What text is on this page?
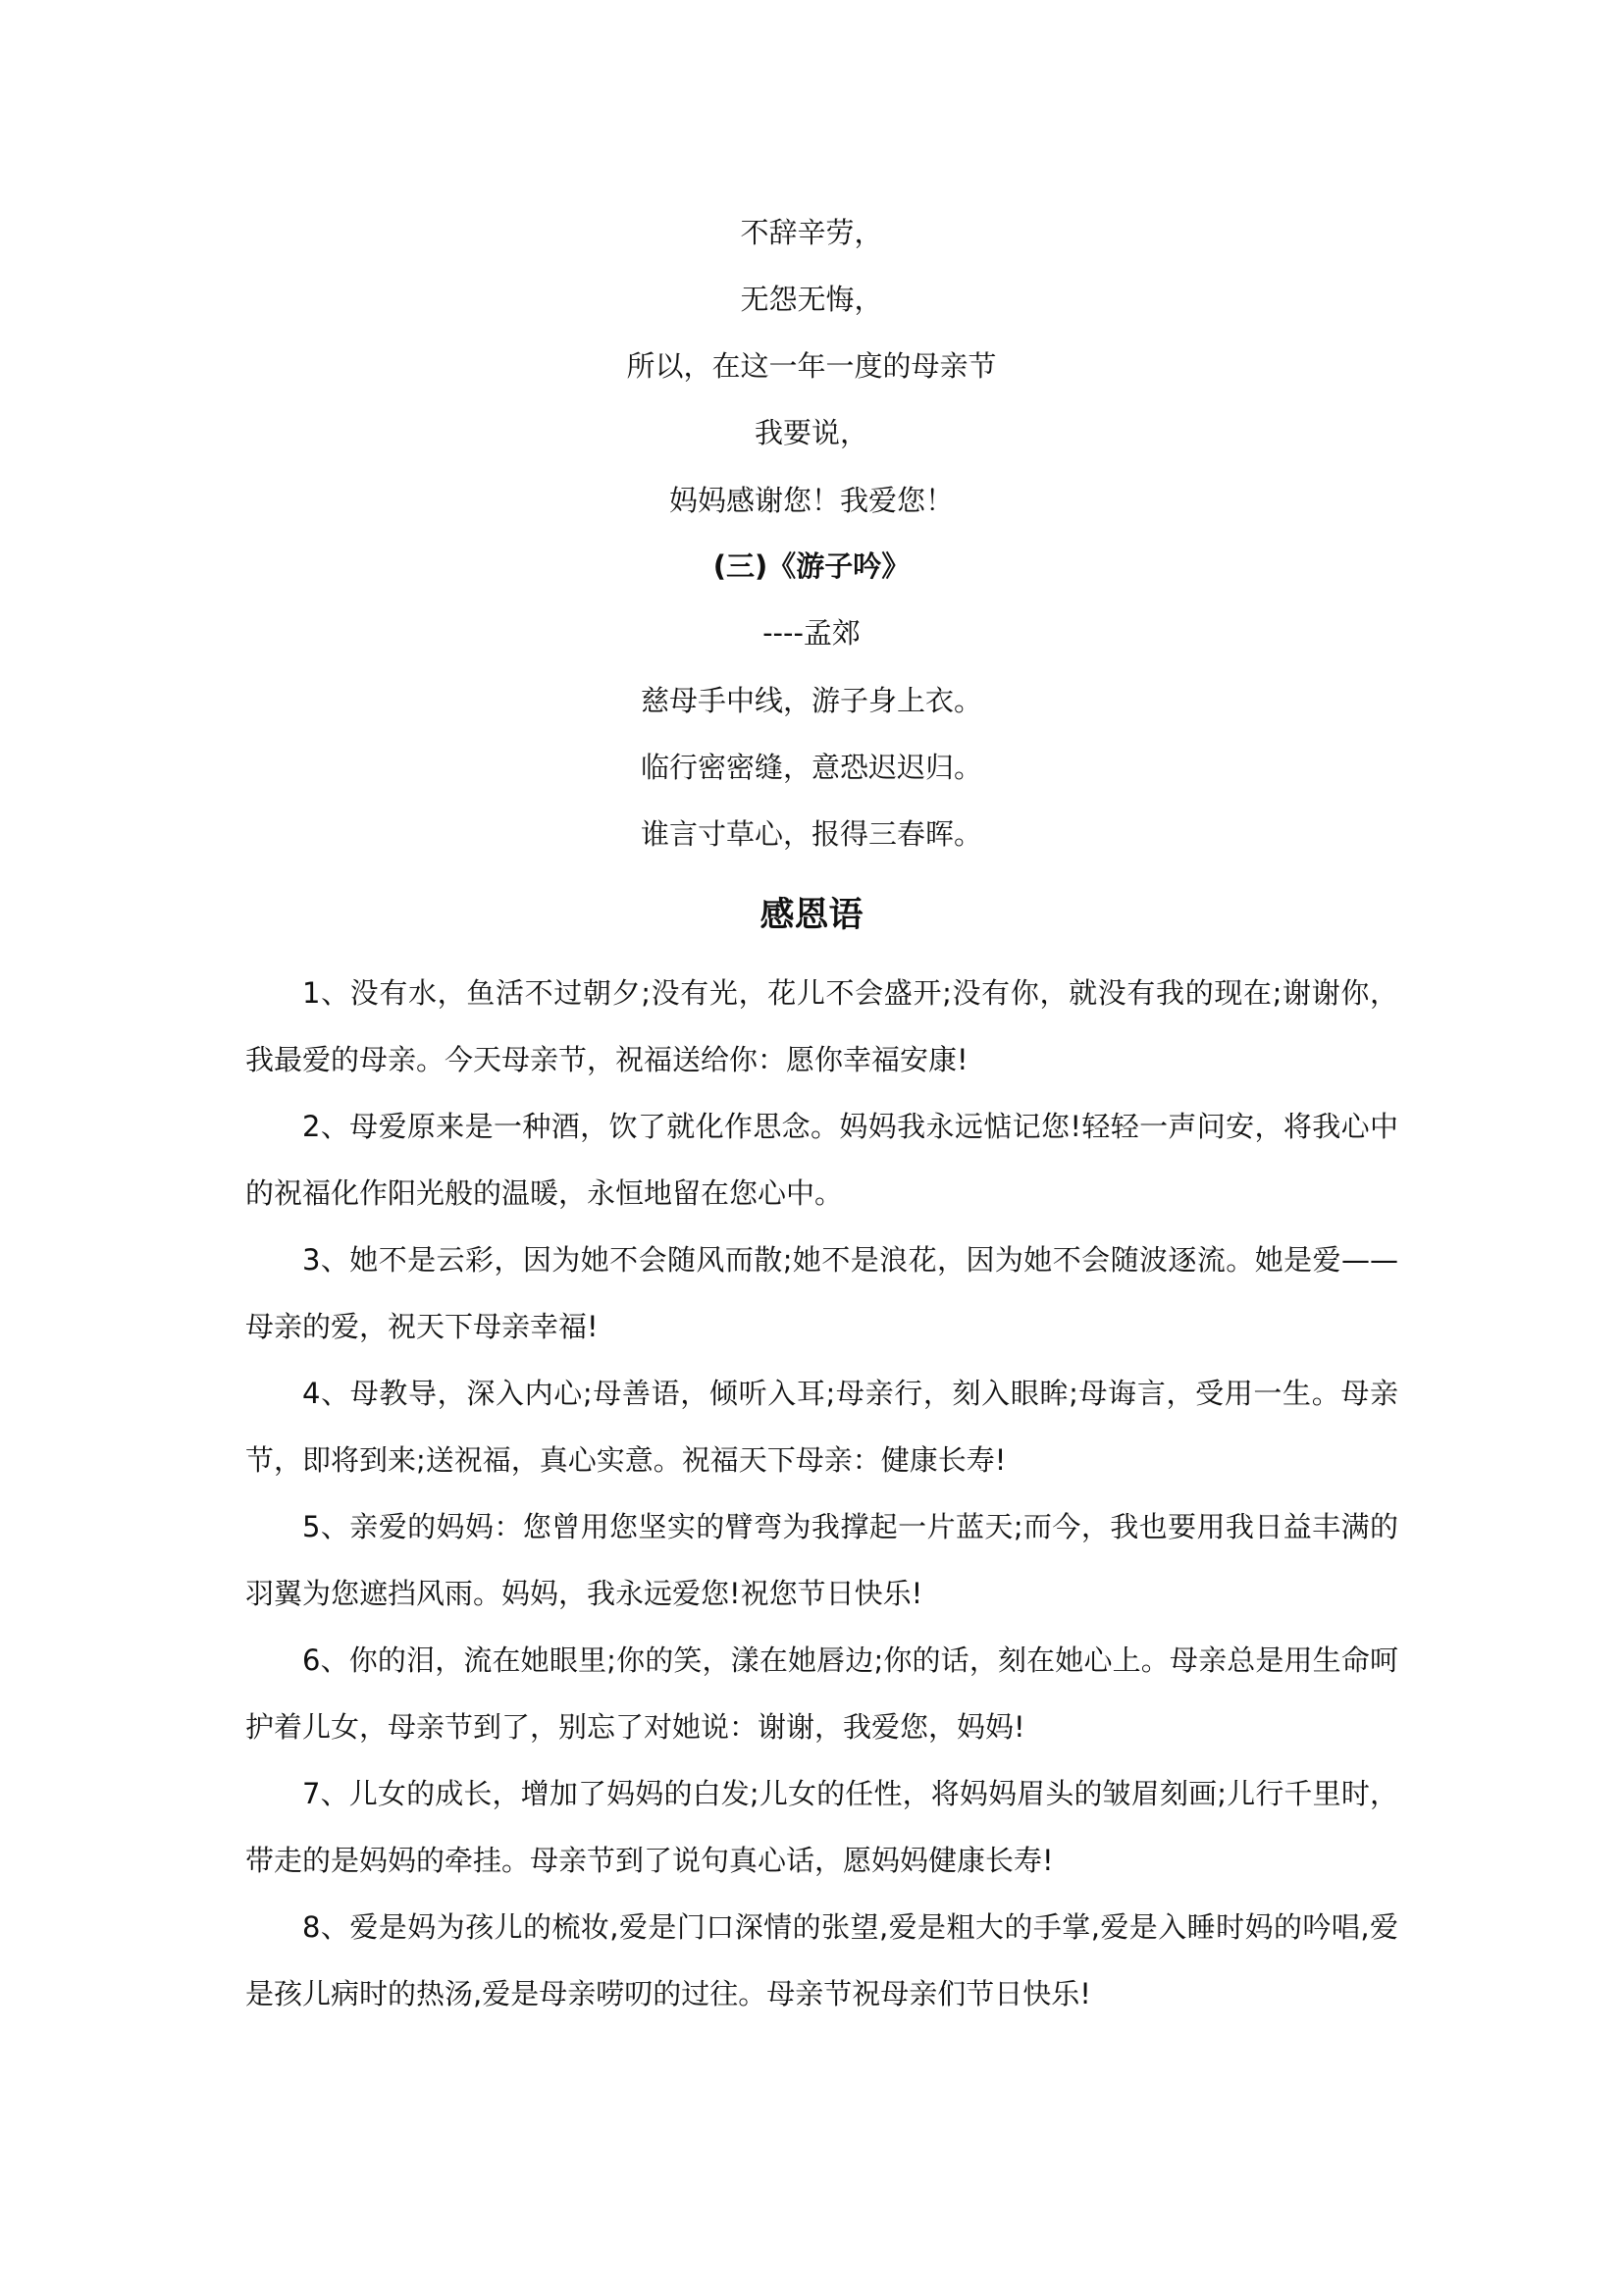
不辞辛劳，
无怨无悔，
所以，在这一年一度的母亲节
我要说，
妈妈感谢您！我爱您！
(三)《游子吟》
----孟郊
慈母手中线，游子身上衣。
临行密密缝，意恐迟迟归。
谁言寸草心，报得三春晖。
感恩语

1、没有水，鱼活不过朝夕;没有光，花儿不会盛开;没有你，就没有我的现在;谢谢你，我最爱的母亲。今天母亲节，祝福送给你：愿你幸福安康!

2、母爱原来是一种酒，饮了就化作思念。妈妈我永远惦记您!轻轻一声问安，将我心中的祝福化作阳光般的温暖，永恒地留在您心中。

3、她不是云彩，因为她不会随风而散;她不是浪花，因为她不会随波逐流。她是爱——母亲的爱，祝天下母亲幸福!

4、母教导，深入内心;母善语，倾听入耳;母亲行，刻入眼眸;母诲言，受用一生。母亲节，即将到来;送祝福，真心实意。祝福天下母亲：健康长寿!

5、亲爱的妈妈：您曾用您坚实的臂弯为我撑起一片蓝天;而今，我也要用我日益丰满的羽翼为您遮挡风雨。妈妈，我永远爱您!祝您节日快乐!

6、你的泪，流在她眼里;你的笑，漾在她唇边;你的话，刻在她心上。母亲总是用生命呵护着儿女，母亲节到了，别忘了对她说：谢谢，我爱您，妈妈!

7、儿女的成长，增加了妈妈的白发;儿女的任性，将妈妈眉头的皱眉刻画;儿行千里时，带走的是妈妈的牵挂。母亲节到了说句真心话，愿妈妈健康长寿!

8、爱是妈为孩儿的梳妆,爱是门口深情的张望,爱是粗大的手掌,爱是入睡时妈的吟唱,爱是孩儿病时的热汤,爱是母亲唠叨的过往。母亲节祝母亲们节日快乐!
